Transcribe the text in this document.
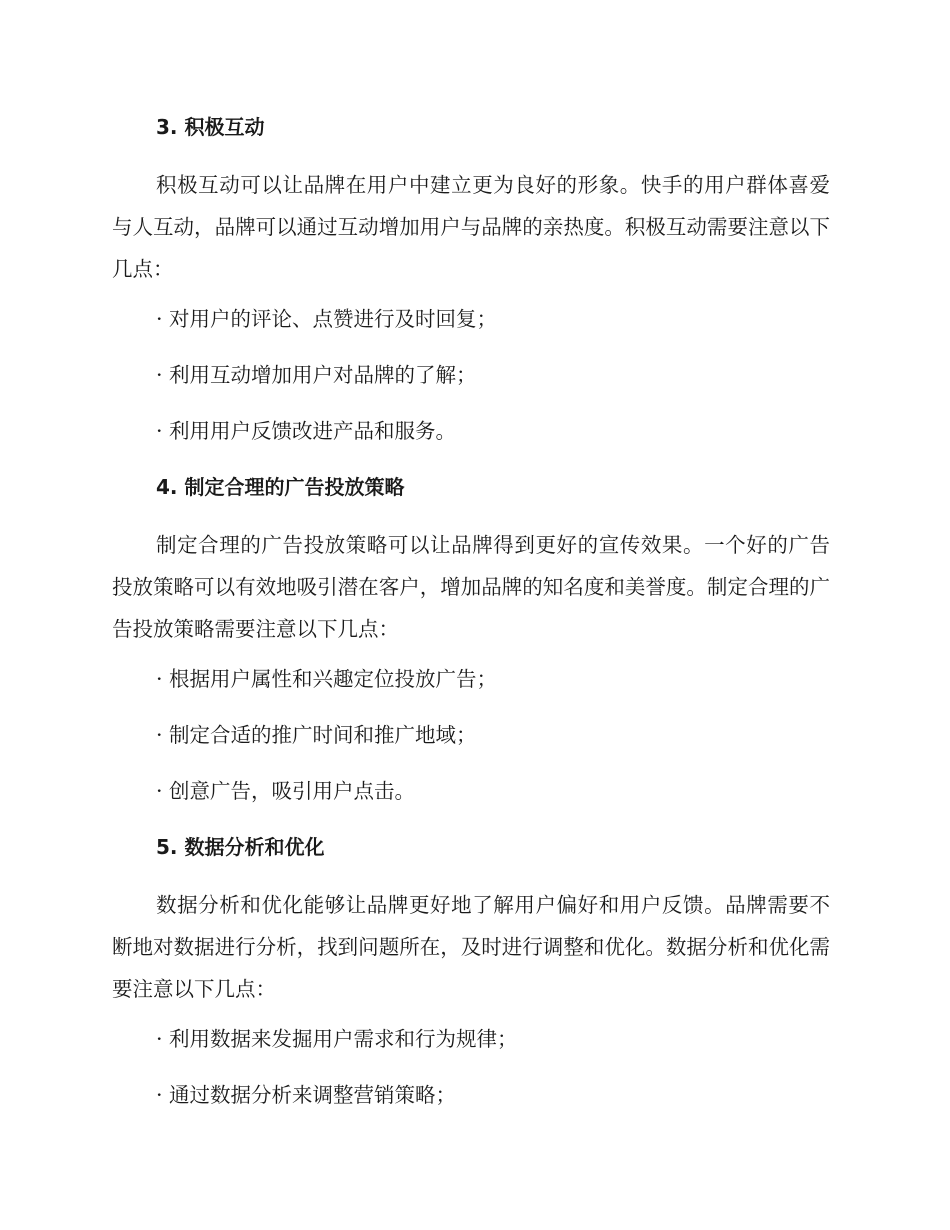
3. 积极互动

积极互动可以让品牌在用户中建立更为良好的形象。快手的用户群体喜爱与人互动，品牌可以通过互动增加用户与品牌的亲热度。积极互动需要注意以下几点：

· 对用户的评论、点赞进行及时回复；
· 利用互动增加用户对品牌的了解；
· 利用用户反馈改进产品和服务。
4. 制定合理的广告投放策略

制定合理的广告投放策略可以让品牌得到更好的宣传效果。一个好的广告投放策略可以有效地吸引潜在客户，增加品牌的知名度和美誉度。制定合理的广告投放策略需要注意以下几点：

· 根据用户属性和兴趣定位投放广告；
· 制定合适的推广时间和推广地域；
· 创意广告，吸引用户点击。
5. 数据分析和优化

数据分析和优化能够让品牌更好地了解用户偏好和用户反馈。品牌需要不断地对数据进行分析，找到问题所在，及时进行调整和优化。数据分析和优化需要注意以下几点：

· 利用数据来发掘用户需求和行为规律；
· 通过数据分析来调整营销策略；
